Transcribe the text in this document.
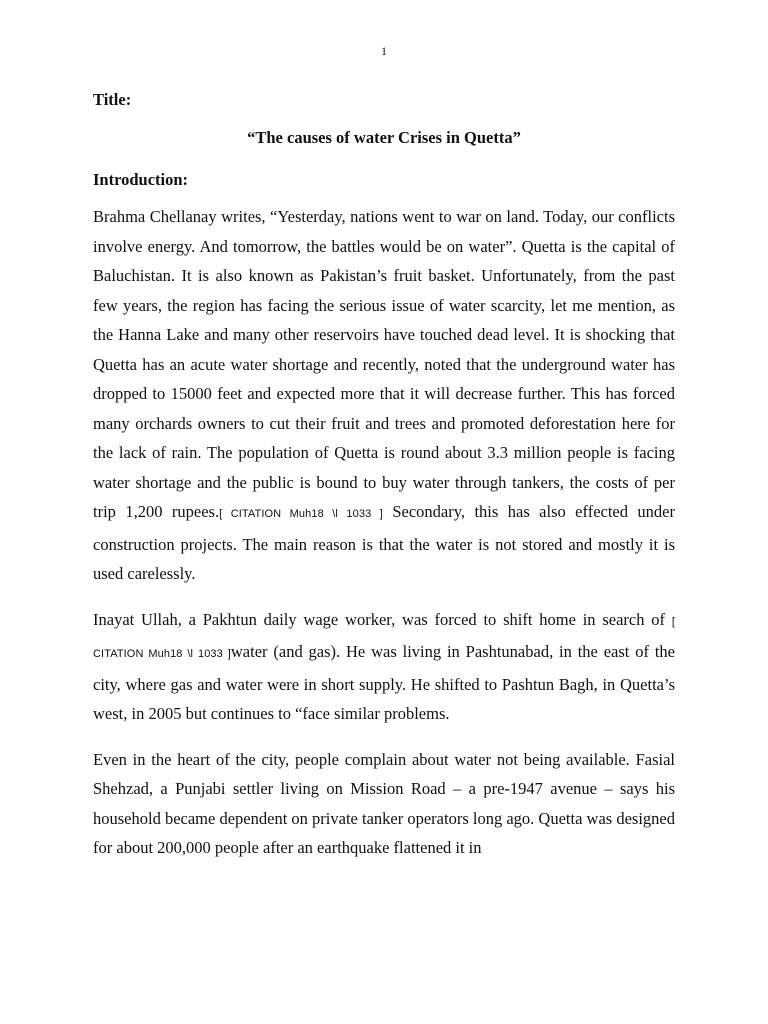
1
Title:
“The causes of water Crises in Quetta”
Introduction:

Brahma Chellanay writes, “Yesterday, nations went to war on land. Today, our conflicts involve energy. And tomorrow, the battles would be on water”. Quetta is the capital of Baluchistan. It is also known as Pakistan’s fruit basket. Unfortunately, from the past few years, the region has facing the serious issue of water scarcity, let me mention, as the Hanna Lake and many other reservoirs have touched dead level. It is shocking that Quetta has an acute water shortage and recently, noted that the underground water has dropped to 15000 feet and expected more that it will decrease further. This has forced many orchards owners to cut their fruit and trees and promoted deforestation here for the lack of rain. The population of Quetta is round about 3.3 million people is facing water shortage and the public is bound to buy water through tankers, the costs of per trip 1,200 rupees.[ CITATION Muh18 \l 1033 ] Secondary, this has also effected under construction projects. The main reason is that the water is not stored and mostly it is used carelessly.

Inayat Ullah, a Pakhtun daily wage worker, was forced to shift home in search of [ CITATION Muh18 \l 1033 ]water (and gas). He was living in Pashtunabad, in the east of the city, where gas and water were in short supply. He shifted to Pashtun Bagh, in Quetta’s west, in 2005 but continues to “face similar problems.

Even in the heart of the city, people complain about water not being available. Fasial Shehzad, a Punjabi settler living on Mission Road – a pre-1947 avenue – says his household became dependent on private tanker operators long ago. Quetta was designed for about 200,000 people after an earthquake flattened it in
